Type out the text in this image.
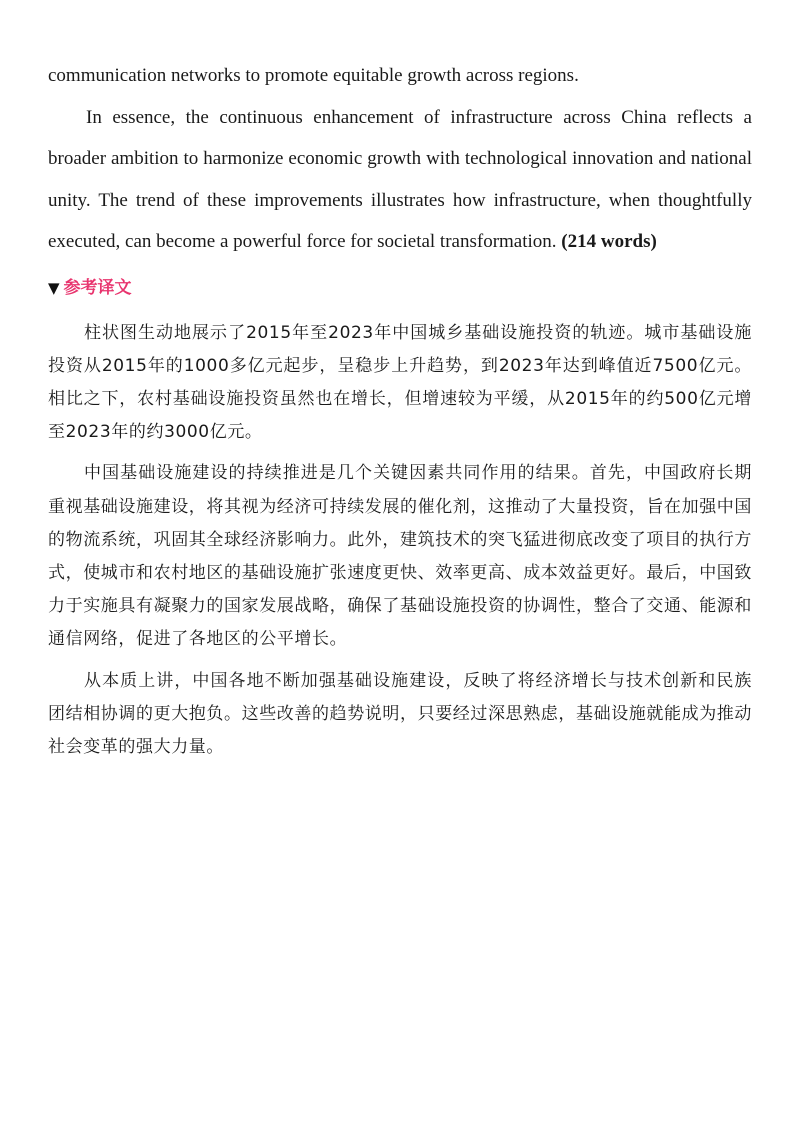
communication networks to promote equitable growth across regions.

In essence, the continuous enhancement of infrastructure across China reflects a broader ambition to harmonize economic growth with technological innovation and national unity. The trend of these improvements illustrates how infrastructure, when thoughtfully executed, can become a powerful force for societal transformation. (214 words)

▼ 参考译文

柱状图生动地展示了2015年至2023年中国城乡基础设施投资的轨迹。城市基础设施投资从2015年的1000多亿元起步，呈稳步上升趋势，到2023年达到峰值近7500亿元。相比之下，农村基础设施投资虽然也在增长，但增速较为平缓，从2015年的约500亿元增至2023年的约3000亿元。

中国基础设施建设的持续推进是几个关键因素共同作用的结果。首先，中国政府长期重视基础设施建设，将其视为经济可持续发展的催化剂，这推动了大量投资，旨在加强中国的物流系统，巩固其全球经济影响力。此外，建筑技术的突飞猛进彻底改变了项目的执行方式，使城市和农村地区的基础设施扩张速度更快、效率更高、成本效益更好。最后，中国致力于实施具有凝聚力的国家发展战略，确保了基础设施投资的协调性，整合了交通、能源和通信网络，促进了各地区的公平增长。

从本质上讲，中国各地不断加强基础设施建设，反映了将经济增长与技术创新和民族团结相协调的更大抱负。这些改善的趋势说明，只要经过深思熟虑，基础设施就能成为推动社会变革的强大力量。
